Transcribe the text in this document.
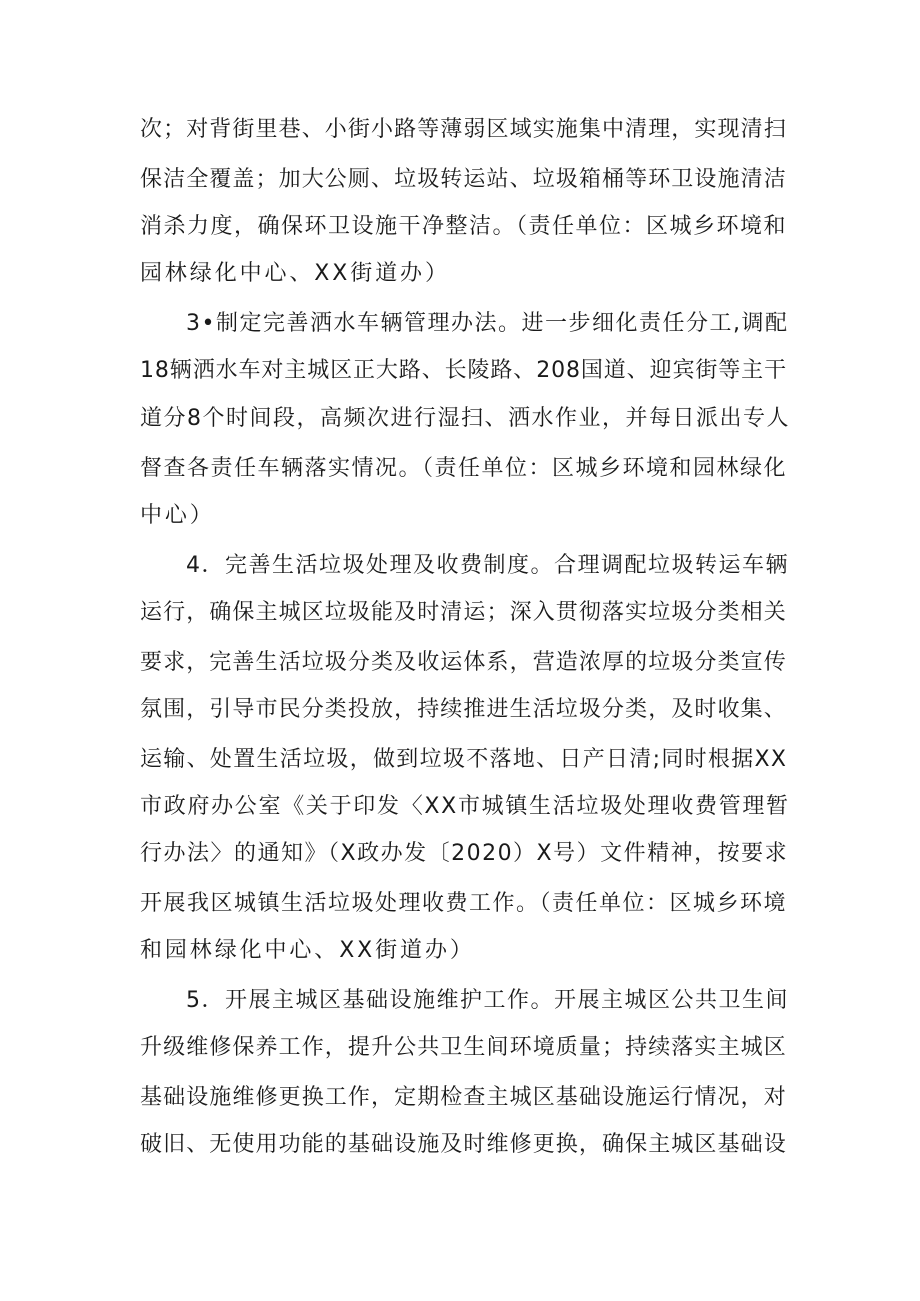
次；对背街里巷、小街小路等薄弱区域实施集中清理，实现清扫
保洁全覆盖；加大公厕、垃圾转运站、垃圾箱桶等环卫设施清洁
消杀力度，确保环卫设施干净整洁。（责任单位：区城乡环境和
园林绿化中心、XX街道办）
3•制定完善洒水车辆管理办法。进一步细化责任分工,调配
18辆洒水车对主城区正大路、长陵路、208国道、迎宾街等主干
道分8个时间段，高频次进行湿扫、洒水作业，并每日派出专人
督查各责任车辆落实情况。（责任单位：区城乡环境和园林绿化
中心）
4．完善生活垃圾处理及收费制度。合理调配垃圾转运车辆
运行，确保主城区垃圾能及时清运；深入贯彻落实垃圾分类相关
要求，完善生活垃圾分类及收运体系，营造浓厚的垃圾分类宣传
氛围，引导市民分类投放，持续推进生活垃圾分类，及时收集、
运输、处置生活垃圾，做到垃圾不落地、日产日清;同时根据XX
市政府办公室《关于印发〈XX市城镇生活垃圾处理收费管理暂
行办法〉的通知》（X政办发〔2020）X号）文件精神，按要求
开展我区城镇生活垃圾处理收费工作。（责任单位：区城乡环境
和园林绿化中心、XX街道办）
5．开展主城区基础设施维护工作。开展主城区公共卫生间
升级维修保养工作，提升公共卫生间环境质量；持续落实主城区
基础设施维修更换工作，定期检查主城区基础设施运行情况，对
破旧、无使用功能的基础设施及时维修更换，确保主城区基础设
